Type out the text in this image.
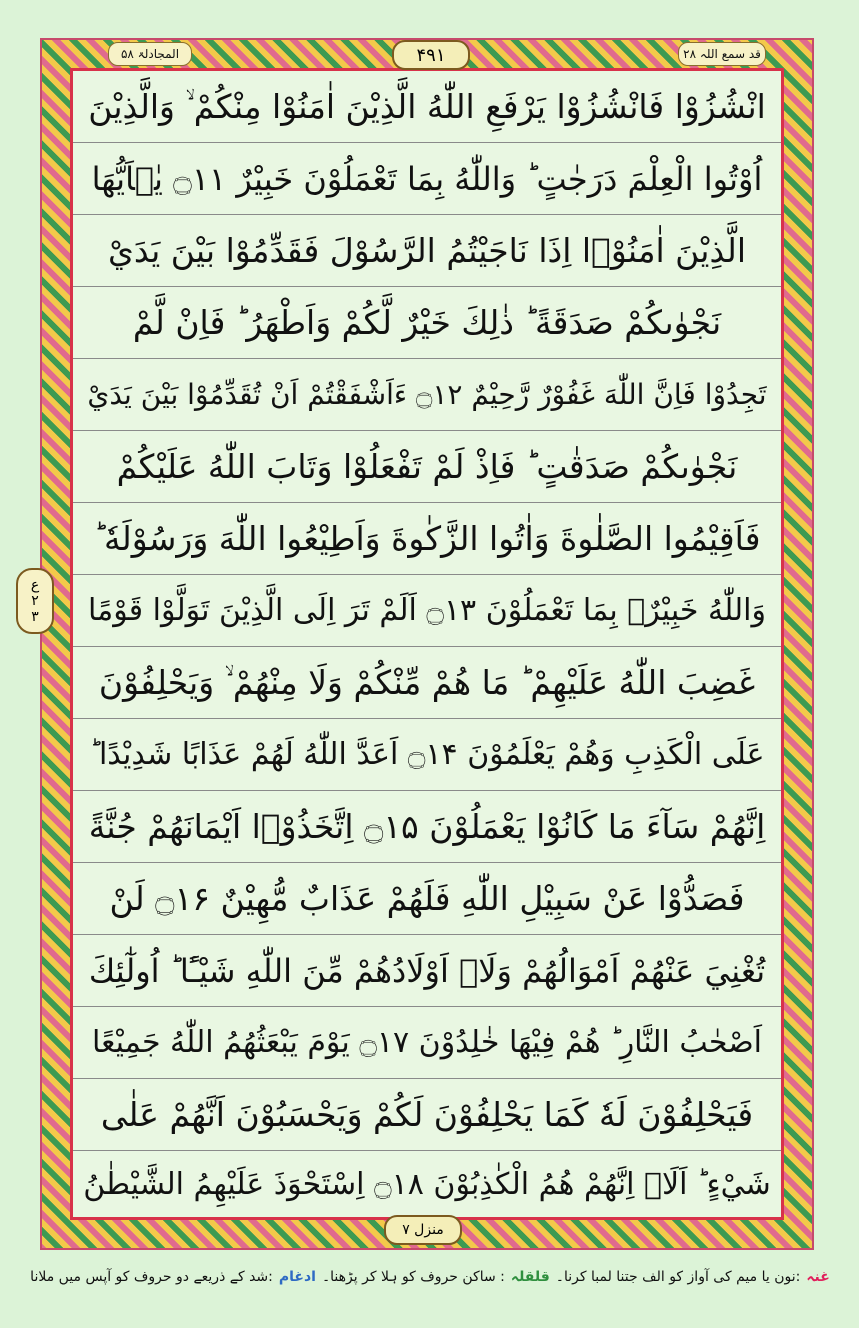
قد سمع اللہ ۲۸
۴۹۱
المجادلۃ ۵۸
انْشُزُوْا فَانْشُزُوْا يَرْفَعِ اللّٰهُ الَّذِيْنَ اٰمَنُوْا مِنْكُمْ ۙ وَالَّذِيْنَ
اُوْتُوا الْعِلْمَ دَرَجٰتٍ ؕ وَاللّٰهُ بِمَا تَعْمَلُوْنَ خَبِيْرٌ ۝۱۱ يٰۤاَيُّهَا
الَّذِيْنَ اٰمَنُوْۤا اِذَا نَاجَيْتُمُ الرَّسُوْلَ فَقَدِّمُوْا بَيْنَ يَدَيْ
نَجْوٰىكُمْ صَدَقَةً ؕ ذٰلِكَ خَيْرٌ لَّكُمْ وَاَطْهَرُ ؕ فَاِنْ لَّمْ
تَجِدُوْا فَاِنَّ اللّٰهَ غَفُوْرٌ رَّحِيْمٌ ۝۱۲ ءَاَشْفَقْتُمْ اَنْ تُقَدِّمُوْا بَيْنَ يَدَيْ
نَجْوٰىكُمْ صَدَقٰتٍ ؕ فَاِذْ لَمْ تَفْعَلُوْا وَتَابَ اللّٰهُ عَلَيْكُمْ
فَاَقِيْمُوا الصَّلٰوةَ وَاٰتُوا الزَّكٰوةَ وَاَطِيْعُوا اللّٰهَ وَرَسُوْلَهٗ ؕ
وَاللّٰهُ خَبِيْرٌۢ بِمَا تَعْمَلُوْنَ ۝۱۳ اَلَمْ تَرَ اِلَى الَّذِيْنَ تَوَلَّوْا قَوْمًا
غَضِبَ اللّٰهُ عَلَيْهِمْ ؕ مَا هُمْ مِّنْكُمْ وَلَا مِنْهُمْ ۙ وَيَحْلِفُوْنَ
عَلَى الْكَذِبِ وَهُمْ يَعْلَمُوْنَ ۝۱۴ اَعَدَّ اللّٰهُ لَهُمْ عَذَابًا شَدِيْدًا ؕ
اِنَّهُمْ سَآءَ مَا كَانُوْا يَعْمَلُوْنَ ۝۱۵ اِتَّخَذُوْۤا اَيْمَانَهُمْ جُنَّةً
فَصَدُّوْا عَنْ سَبِيْلِ اللّٰهِ فَلَهُمْ عَذَابٌ مُّهِيْنٌ ۝۱۶ لَنْ
تُغْنِيَ عَنْهُمْ اَمْوَالُهُمْ وَلَاۤ اَوْلَادُهُمْ مِّنَ اللّٰهِ شَيْـًٔا ؕ اُولٰٓئِكَ
اَصْحٰبُ النَّارِ ؕ هُمْ فِيْهَا خٰلِدُوْنَ ۝۱۷ يَوْمَ يَبْعَثُهُمُ اللّٰهُ جَمِيْعًا
فَيَحْلِفُوْنَ لَهٗ كَمَا يَحْلِفُوْنَ لَكُمْ وَيَحْسَبُوْنَ اَنَّهُمْ عَلٰى
شَيْءٍ ؕ اَلَاۤ اِنَّهُمْ هُمُ الْكٰذِبُوْنَ ۝۱۸ اِسْتَحْوَذَ عَلَيْهِمُ الشَّيْطٰنُ
ع
۲
۳
منزل ۷
غنہ
:نون یا میم کی آواز کو الف جتنا لمبا کرنا۔
قلقلہ
: ساکن حروف کو ہلا کر پڑھنا۔
ادغام
:شد کے ذریعے دو حروف کو آپس میں ملانا
